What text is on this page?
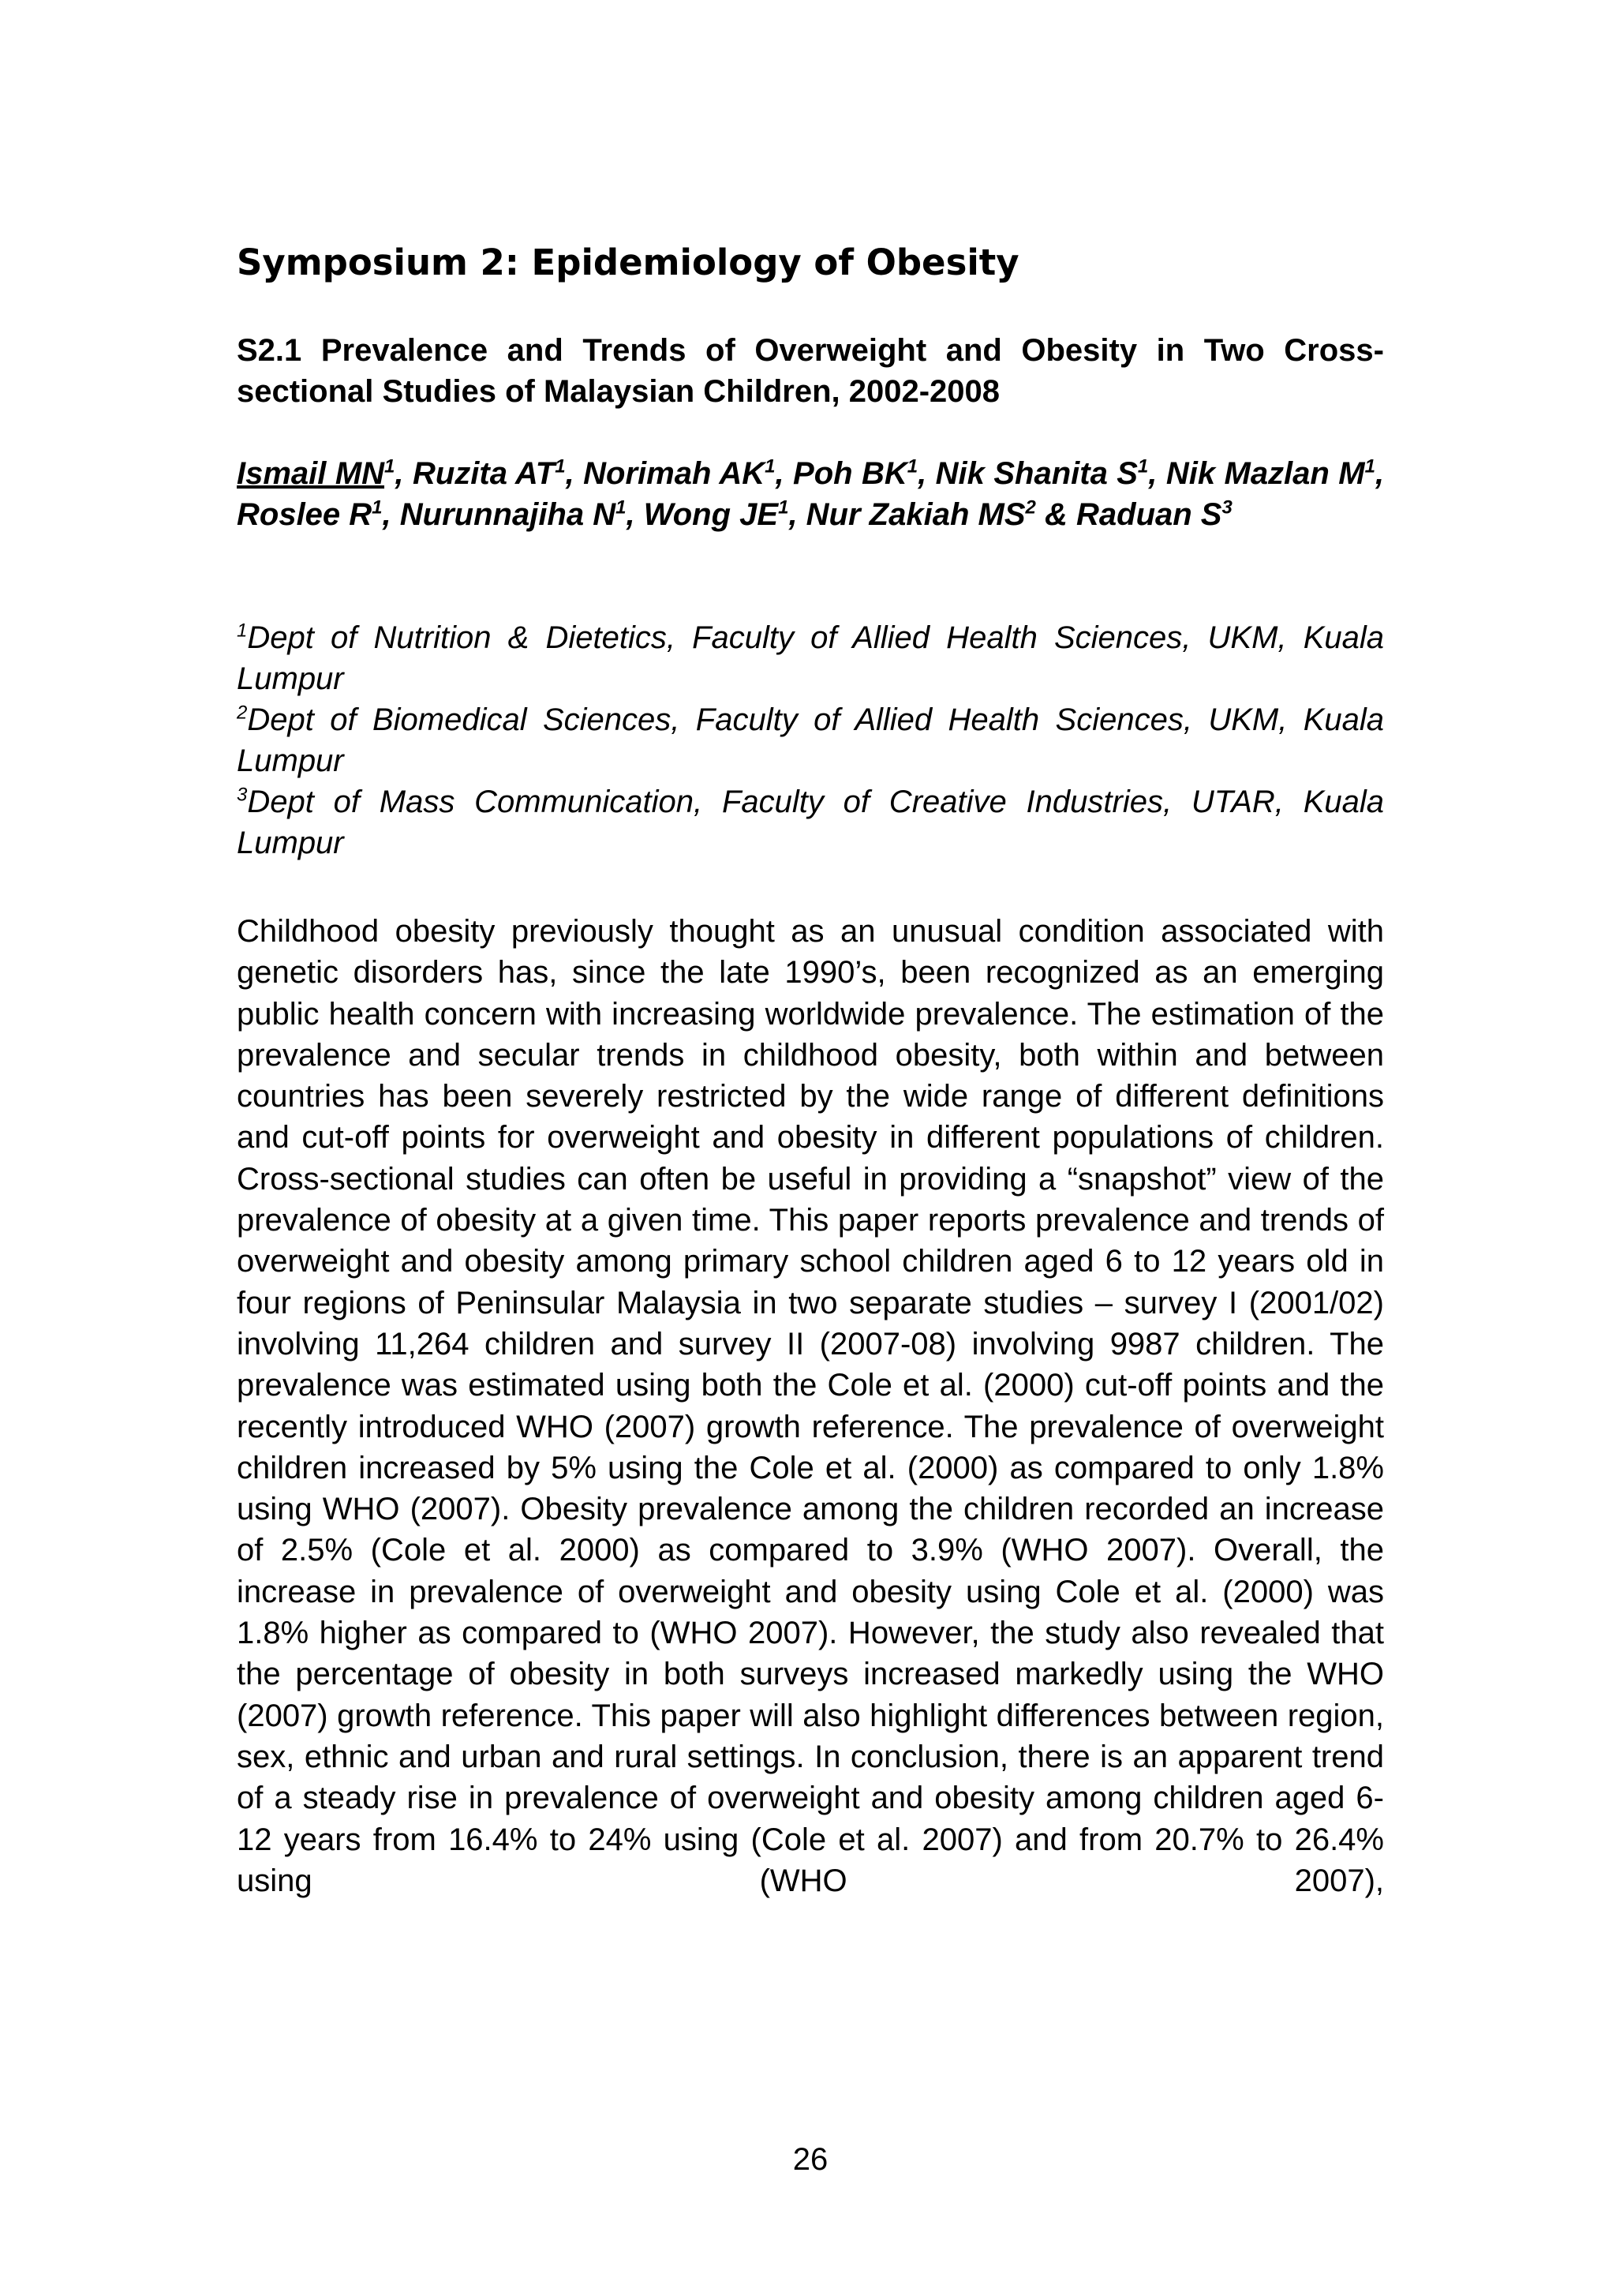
Symposium 2: Epidemiology of Obesity
S2.1 Prevalence and Trends of Overweight and Obesity in Two Cross-sectional Studies of Malaysian Children, 2002-2008

Ismail $MN^1$, Ruzita $AT^1$, Norimah $AK^1$, Poh $BK^1$, Nik Shanita $S^1$, Nik Mazlan $M^1$, Roslee $R^1$, Nurunnajiha $N^1$, Wong $JE^1$, Nur Zakiah $MS^2$ & Raduan $S^3$

$^1$Dept of Nutrition & Dietetics, Faculty of Allied Health Sciences, UKM, Kuala Lumpur
$^2$Dept of Biomedical Sciences, Faculty of Allied Health Sciences, UKM, Kuala Lumpur
$^3$Dept of Mass Communication, Faculty of Creative Industries, UTAR, Kuala Lumpur

Childhood obesity previously thought as an unusual condition associated with genetic disorders has, since the late 1990’s, been recognized as an emerging public health concern with increasing worldwide prevalence. The estimation of the prevalence and secular trends in childhood obesity, both within and between countries has been severely restricted by the wide range of different definitions and cut-off points for overweight and obesity in different populations of children. Cross-sectional studies can often be useful in providing a “snapshot” view of the prevalence of obesity at a given time. This paper reports prevalence and trends of overweight and obesity among primary school children aged 6 to 12 years old in four regions of Peninsular Malaysia in two separate studies – survey I (2001/02) involving 11,264 children and survey II (2007-08) involving 9987 children. The prevalence was estimated using both the Cole et al. (2000) cut-off points and the recently introduced WHO (2007) growth reference. The prevalence of overweight children increased by 5% using the Cole et al. (2000) as compared to only 1.8% using WHO (2007). Obesity prevalence among the children recorded an increase of 2.5% (Cole et al. 2000) as compared to 3.9% (WHO 2007). Overall, the increase in prevalence of overweight and obesity using Cole et al. (2000) was 1.8% higher as compared to (WHO 2007). However, the study also revealed that the percentage of obesity in both surveys increased markedly using the WHO (2007) growth reference. This paper will also highlight differences between region, sex, ethnic and urban and rural settings. In conclusion, there is an apparent trend of a steady rise in prevalence of overweight and obesity among children aged 6-12 years from 16.4% to 24% using (Cole et al. 2007) and from 20.7% to 26.4% using (WHO 2007),

26
